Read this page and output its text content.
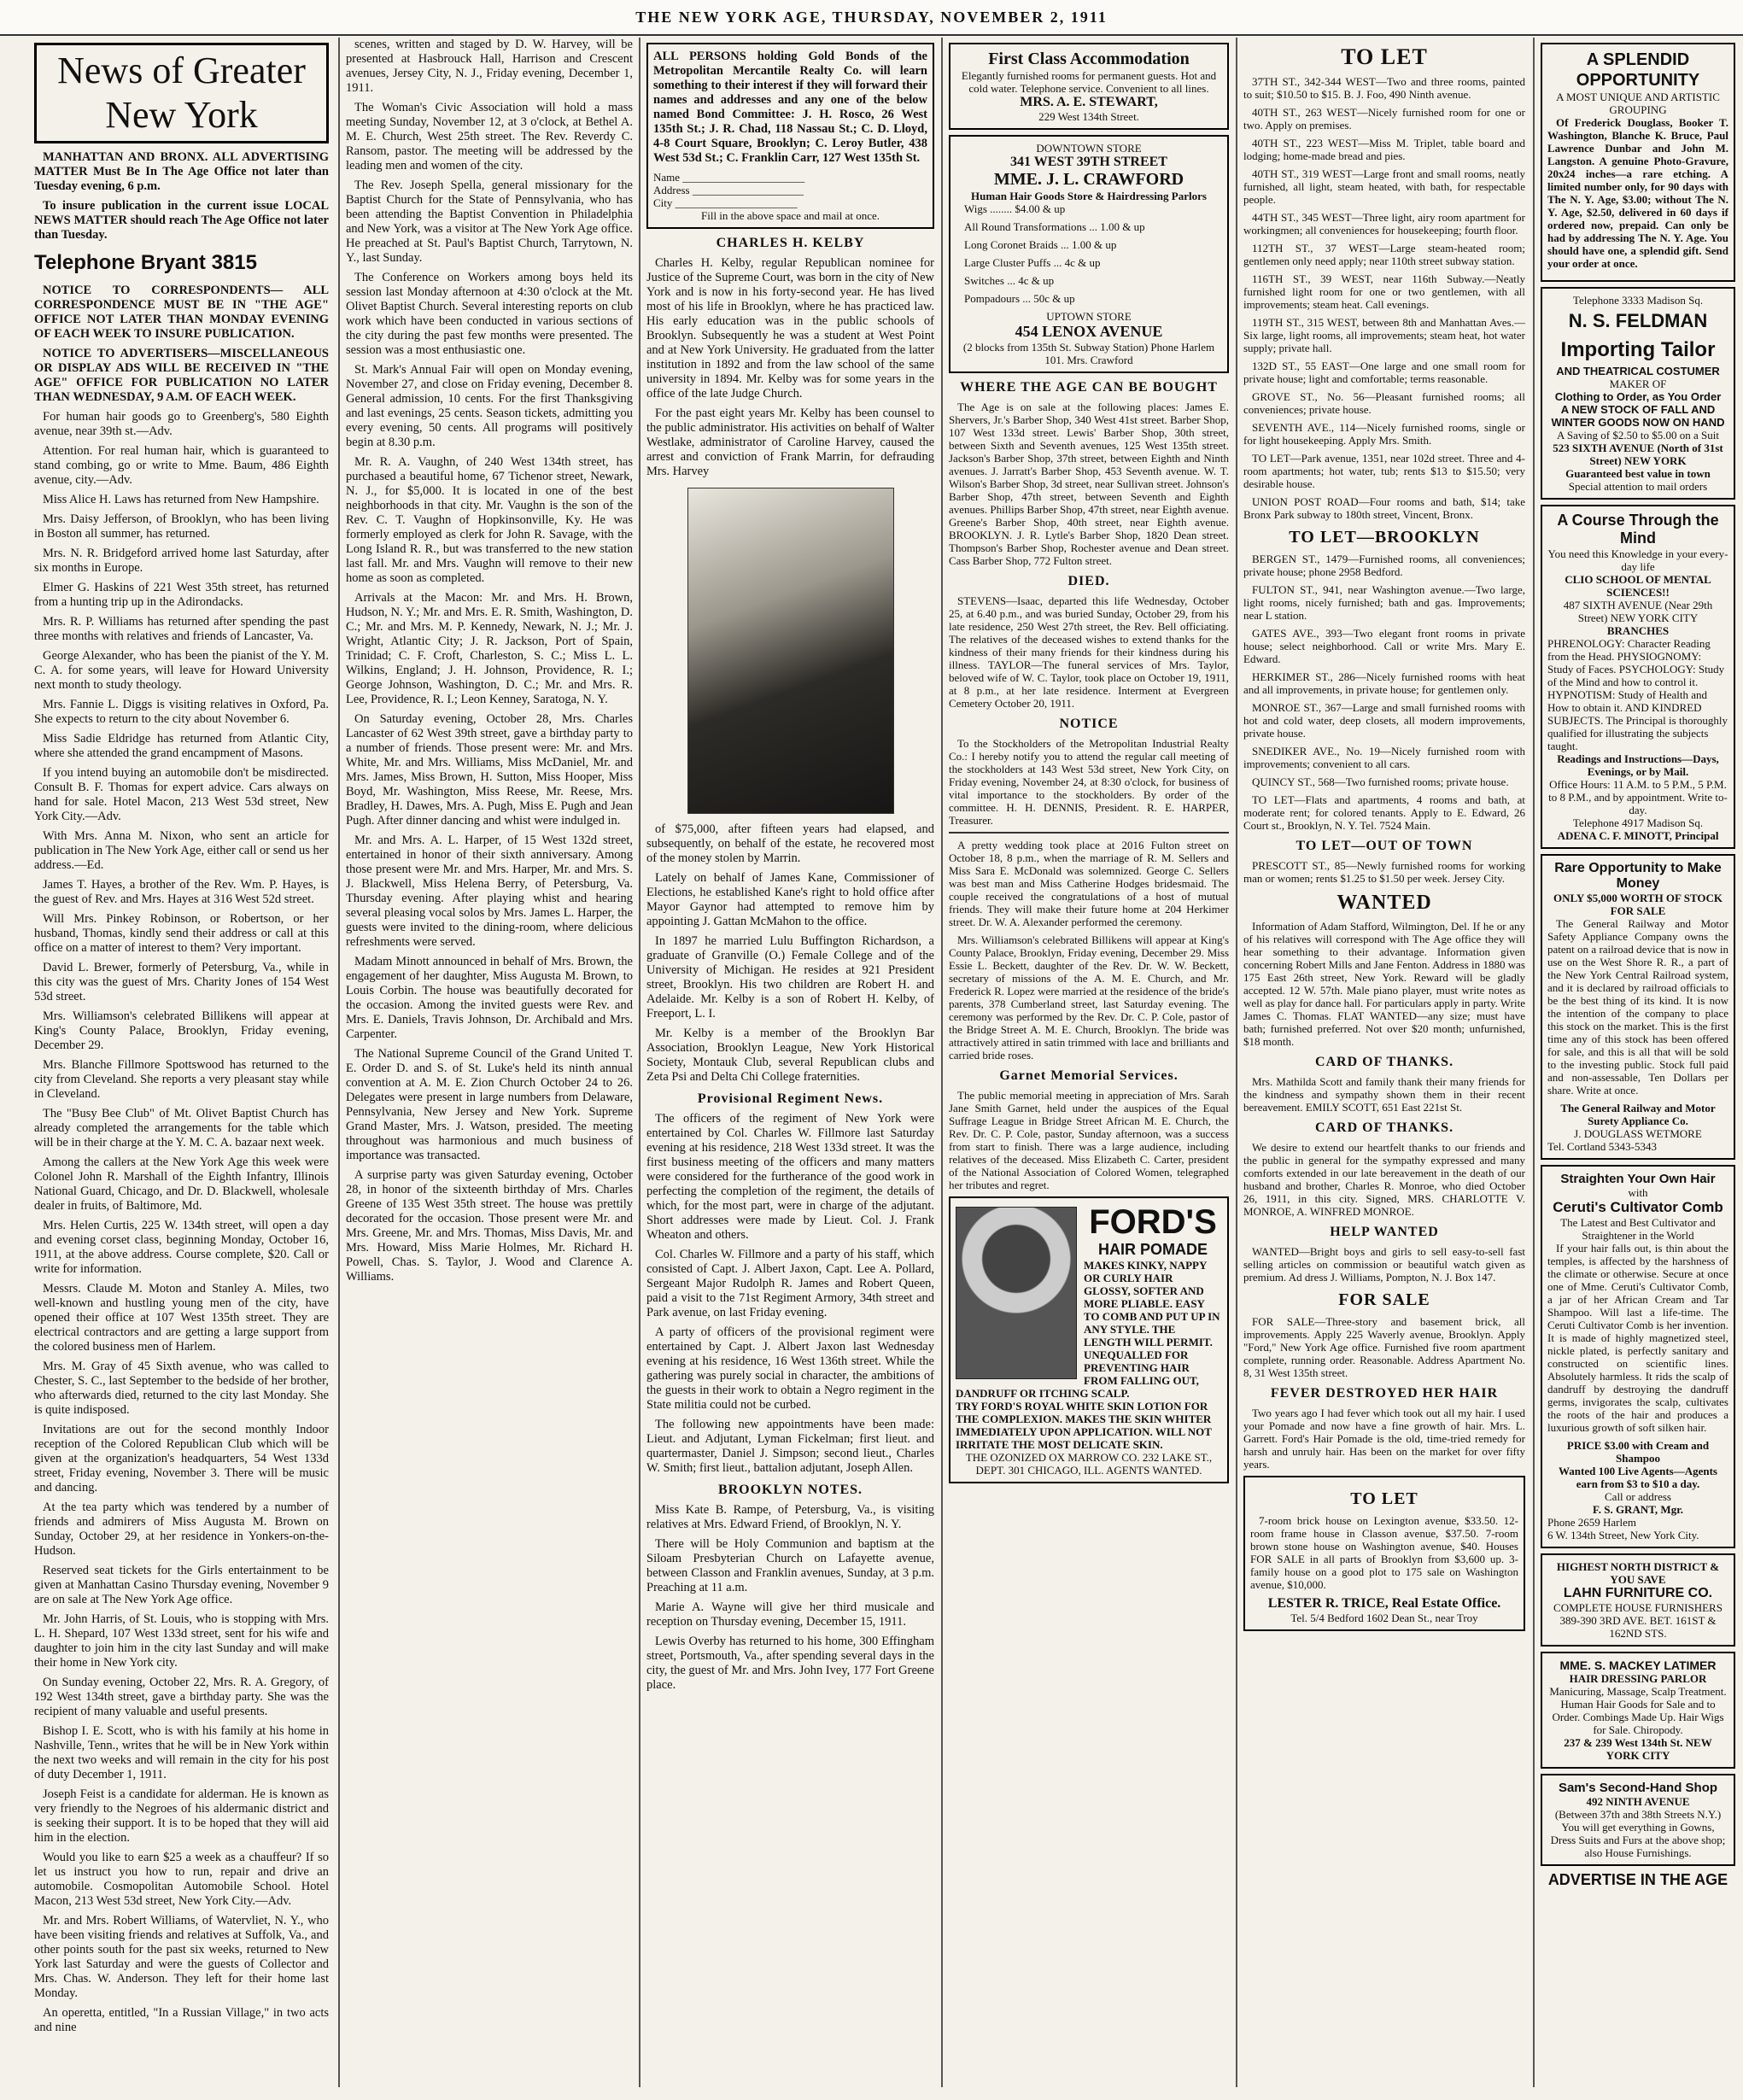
THE NEW YORK AGE, THURSDAY, NOVEMBER 2, 1911
News of Greater New York

MANHATTAN AND BRONX. ALL ADVERTISING MATTER Must Be In The Age Office not later than Tuesday evening, 6 p.m.

To insure publication in the current issue LOCAL NEWS MATTER should reach The Age Office not later than Tuesday.

Telephone Bryant 3815

NOTICE TO CORRESPONDENTS— ALL CORRESPONDENCE MUST BE IN "THE AGE" OFFICE NOT LATER THAN MONDAY EVENING OF EACH WEEK TO INSURE PUBLICATION.

NOTICE TO ADVERTISERS—MISCELLANEOUS OR DISPLAY ADS WILL BE RECEIVED IN "THE AGE" OFFICE FOR PUBLICATION NO LATER THAN WEDNESDAY, 9 A.M. OF EACH WEEK.

For human hair goods go to Greenberg's, 580 Eighth avenue, near 39th st.—Adv.

Attention. For real human hair, which is guaranteed to stand combing, go or write to Mme. Baum, 486 Eighth avenue, city.—Adv.

Miss Alice H. Laws has returned from New Hampshire.

Mrs. Daisy Jefferson, of Brooklyn, who has been living in Boston all summer, has returned.

Mrs. N. R. Bridgeford arrived home last Saturday, after six months in Europe.

Elmer G. Haskins of 221 West 35th street, has returned from a hunting trip up in the Adirondacks.

Mrs. R. P. Williams has returned after spending the past three months with relatives and friends of Lancaster, Va.

George Alexander, who has been the pianist of the Y. M. C. A. for some years, will leave for Howard University next month to study theology.

Mrs. Fannie L. Diggs is visiting relatives in Oxford, Pa. She expects to return to the city about November 6.

Miss Sadie Eldridge has returned from Atlantic City, where she attended the grand encampment of Masons.

If you intend buying an automobile don't be misdirected. Consult B. F. Thomas for expert advice. Cars always on hand for sale. Hotel Macon, 213 West 53d street, New York City.—Adv.

With Mrs. Anna M. Nixon, who sent an article for publication in The New York Age, either call or send us her address.—Ed.

James T. Hayes, a brother of the Rev. Wm. P. Hayes, is the guest of Rev. and Mrs. Hayes at 316 West 52d street.

Will Mrs. Pinkey Robinson, or Robertson, or her husband, Thomas, kindly send their address or call at this office on a matter of interest to them? Very important.

David L. Brewer, formerly of Petersburg, Va., while in this city was the guest of Mrs. Charity Jones of 154 West 53d street.

Mrs. Williamson's celebrated Billikens will appear at King's County Palace, Brooklyn, Friday evening, December 29.

Mrs. Blanche Fillmore Spottswood has returned to the city from Cleveland. She reports a very pleasant stay while in Cleveland.

The "Busy Bee Club" of Mt. Olivet Baptist Church has already completed the arrangements for the table which will be in their charge at the Y. M. C. A. bazaar next week.

Among the callers at the New York Age this week were Colonel John R. Marshall of the Eighth Infantry, Illinois National Guard, Chicago, and Dr. D. Blackwell, wholesale dealer in fruits, of Baltimore, Md.

Mrs. Helen Curtis, 225 W. 134th street, will open a day and evening corset class, beginning Monday, October 16, 1911, at the above address. Course complete, $20. Call or write for information.

Messrs. Claude M. Moton and Stanley A. Miles, two well-known and hustling young men of the city, have opened their office at 107 West 135th street. They are electrical contractors and are getting a large support from the colored business men of Harlem.

Mrs. M. Gray of 45 Sixth avenue, who was called to Chester, S. C., last September to the bedside of her brother, who afterwards died, returned to the city last Monday. She is quite indisposed.

Invitations are out for the second monthly Indoor reception of the Colored Republican Club which will be given at the organization's headquarters, 54 West 133d street, Friday evening, November 3. There will be music and dancing.

At the tea party which was tendered by a number of friends and admirers of Miss Augusta M. Brown on Sunday, October 29, at her residence in Yonkers-on-the-Hudson.

Reserved seat tickets for the Girls entertainment to be given at Manhattan Casino Thursday evening, November 9 are on sale at The New York Age office.

Mr. John Harris, of St. Louis, who is stopping with Mrs. L. H. Shepard, 107 West 133d street, sent for his wife and daughter to join him in the city last Sunday and will make their home in New York city.

On Sunday evening, October 22, Mrs. R. A. Gregory, of 192 West 134th street, gave a birthday party. She was the recipient of many valuable and useful presents.

Bishop I. E. Scott, who is with his family at his home in Nashville, Tenn., writes that he will be in New York within the next two weeks and will remain in the city for his post of duty December 1, 1911.

Joseph Feist is a candidate for alderman. He is known as very friendly to the Negroes of his aldermanic district and is seeking their support. It is to be hoped that they will aid him in the election.

Would you like to earn $25 a week as a chauffeur? If so let us instruct you how to run, repair and drive an automobile. Cosmopolitan Automobile School. Hotel Macon, 213 West 53d street, New York City.—Adv.

Mr. and Mrs. Robert Williams, of Watervliet, N. Y., who have been visiting friends and relatives at Suffolk, Va., and other points south for the past six weeks, returned to New York last Saturday and were the guests of Collector and Mrs. Chas. W. Anderson. They left for their home last Monday.

An operetta, entitled, "In a Russian Village," in two acts and nine

scenes, written and staged by D. W. Harvey, will be presented at Hasbrouck Hall, Harrison and Crescent avenues, Jersey City, N. J., Friday evening, December 1, 1911.

The Woman's Civic Association will hold a mass meeting Sunday, November 12, at 3 o'clock, at Bethel A. M. E. Church, West 25th street. The Rev. Reverdy C. Ransom, pastor. The meeting will be addressed by the leading men and women of the city.

The Rev. Joseph Spella, general missionary for the Baptist Church for the State of Pennsylvania, who has been attending the Baptist Convention in Philadelphia and New York, was a visitor at The New York Age office. He preached at St. Paul's Baptist Church, Tarrytown, N. Y., last Sunday.

The Conference on Workers among boys held its session last Monday afternoon at 4:30 o'clock at the Mt. Olivet Baptist Church. Several interesting reports on club work which have been conducted in various sections of the city during the past few months were presented. The session was a most enthusiastic one.

St. Mark's Annual Fair will open on Monday evening, November 27, and close on Friday evening, December 8. General admission, 10 cents. For the first Thanksgiving and last evenings, 25 cents. Season tickets, admitting you every evening, 50 cents. All programs will positively begin at 8.30 p.m.

Mr. R. A. Vaughn, of 240 West 134th street, has purchased a beautiful home, 67 Tichenor street, Newark, N. J., for $5,000. It is located in one of the best neighborhoods in that city. Mr. Vaughn is the son of the Rev. C. T. Vaughn of Hopkinsonville, Ky. He was formerly employed as clerk for John R. Savage, with the Long Island R. R., but was transferred to the new station last fall. Mr. and Mrs. Vaughn will remove to their new home as soon as completed.

Arrivals at the Macon: Mr. and Mrs. H. Brown, Hudson, N. Y.; Mr. and Mrs. E. R. Smith, Washington, D. C.; Mr. and Mrs. M. P. Kennedy, Newark, N. J.; Mr. J. Wright, Atlantic City; J. R. Jackson, Port of Spain, Trinidad; C. F. Croft, Charleston, S. C.; Miss L. L. Wilkins, England; J. H. Johnson, Providence, R. I.; George Johnson, Washington, D. C.; Mr. and Mrs. R. Lee, Providence, R. I.; Leon Kenney, Saratoga, N. Y.

On Saturday evening, October 28, Mrs. Charles Lancaster of 62 West 39th street, gave a birthday party to a number of friends. Those present were: Mr. and Mrs. White, Mr. and Mrs. Williams, Miss McDaniel, Mr. and Mrs. James, Miss Brown, H. Sutton, Miss Hooper, Miss Boyd, Mr. Washington, Miss Reese, Mr. Reese, Mrs. Bradley, H. Dawes, Mrs. A. Pugh, Miss E. Pugh and Jean Pugh. After dinner dancing and whist were indulged in.

Mr. and Mrs. A. L. Harper, of 15 West 132d street, entertained in honor of their sixth anniversary. Among those present were Mr. and Mrs. Harper, Mr. and Mrs. S. J. Blackwell, Miss Helena Berry, of Petersburg, Va. Thursday evening. After playing whist and hearing several pleasing vocal solos by Mrs. James L. Harper, the guests were invited to the dining-room, where delicious refreshments were served.

Madam Minott announced in behalf of Mrs. Brown, the engagement of her daughter, Miss Augusta M. Brown, to Louis Corbin. The house was beautifully decorated for the occasion. Among the invited guests were Rev. and Mrs. E. Daniels, Travis Johnson, Dr. Archibald and Mrs. Carpenter.

The National Supreme Council of the Grand United T. E. Order D. and S. of St. Luke's held its ninth annual convention at A. M. E. Zion Church October 24 to 26. Delegates were present in large numbers from Delaware, Pennsylvania, New Jersey and New York. Supreme Grand Master, Mrs. J. Watson, presided. The meeting throughout was harmonious and much business of importance was transacted.

A surprise party was given Saturday evening, October 28, in honor of the sixteenth birthday of Mrs. Charles Greene of 135 West 35th street. The house was prettily decorated for the occasion. Those present were Mr. and Mrs. Greene, Mr. and Mrs. Thomas, Miss Davis, Mr. and Mrs. Howard, Miss Marie Holmes, Mr. Richard H. Powell, Chas. S. Taylor, J. Wood and Clarence A. Williams.

ALL PERSONS holding Gold Bonds of the Metropolitan Mercantile Realty Co. will learn something to their interest if they will forward their names and addresses and any one of the below named Bond Committee: J. H. Rosco, 26 West 135th St.; J. R. Chad, 118 Nassau St.; C. D. Lloyd, 4-8 Court Square, Brooklyn; C. Leroy Butler, 438 West 53d St.; C. Franklin Carr, 127 West 135th St.

Name ______________________
Address ____________________
City ______________________
Fill in the above space and mail at once.
CHARLES H. KELBY

Charles H. Kelby, regular Republican nominee for Justice of the Supreme Court, was born in the city of New York and is now in his forty-second year. He has lived most of his life in Brooklyn, where he has practiced law. His early education was in the public schools of Brooklyn. Subsequently he was a student at West Point and at New York University. He graduated from the latter institution in 1892 and from the law school of the same university in 1894. Mr. Kelby was for some years in the office of the late Judge Church.

For the past eight years Mr. Kelby has been counsel to the public administrator. His activities on behalf of Walter Westlake, administrator of Caroline Harvey, caused the arrest and conviction of Frank Marrin, for defrauding Mrs. Harvey

of $75,000, after fifteen years had elapsed, and subsequently, on behalf of the estate, he recovered most of the money stolen by Marrin.

Lately on behalf of James Kane, Commissioner of Elections, he established Kane's right to hold office after Mayor Gaynor had attempted to remove him by appointing J. Gattan McMahon to the office.

In 1897 he married Lulu Buffington Richardson, a graduate of Granville (O.) Female College and of the University of Michigan. He resides at 921 President street, Brooklyn. His two children are Robert H. and Adelaide. Mr. Kelby is a son of Robert H. Kelby, of Freeport, L. I.

Mr. Kelby is a member of the Brooklyn Bar Association, Brooklyn League, New York Historical Society, Montauk Club, several Republican clubs and Zeta Psi and Delta Chi College fraternities.

Provisional Regiment News.

The officers of the regiment of New York were entertained by Col. Charles W. Fillmore last Saturday evening at his residence, 218 West 133d street. It was the first business meeting of the officers and many matters were considered for the furtherance of the good work in perfecting the completion of the regiment, the details of which, for the most part, were in charge of the adjutant. Short addresses were made by Lieut. Col. J. Frank Wheaton and others.

Col. Charles W. Fillmore and a party of his staff, which consisted of Capt. J. Albert Jaxon, Capt. Lee A. Pollard, Sergeant Major Rudolph R. James and Robert Queen, paid a visit to the 71st Regiment Armory, 34th street and Park avenue, on last Friday evening.

A party of officers of the provisional regiment were entertained by Capt. J. Albert Jaxon last Wednesday evening at his residence, 16 West 136th street. While the gathering was purely social in character, the ambitions of the guests in their work to obtain a Negro regiment in the State militia could not be curbed.

The following new appointments have been made: Lieut. and Adjutant, Lyman Fickelman; first lieut. and quartermaster, Daniel J. Simpson; second lieut., Charles W. Smith; first lieut., battalion adjutant, Joseph Allen.

BROOKLYN NOTES.

Miss Kate B. Rampe, of Petersburg, Va., is visiting relatives at Mrs. Edward Friend, of Brooklyn, N. Y.

There will be Holy Communion and baptism at the Siloam Presbyterian Church on Lafayette avenue, between Classon and Franklin avenues, Sunday, at 3 p.m. Preaching at 11 a.m.

Marie A. Wayne will give her third musicale and reception on Thursday evening, December 15, 1911.

Lewis Overby has returned to his home, 300 Effingham street, Portsmouth, Va., after spending several days in the city, the guest of Mr. and Mrs. John Ivey, 177 Fort Greene place.

First Class Accommodation
Elegantly furnished rooms for permanent guests. Hot and cold water. Telephone service. Convenient to all lines.
MRS. A. E. STEWART,
229 West 134th Street.
DOWNTOWN STORE
341 WEST 39TH STREET
MME. J. L. CRAWFORD
Human Hair Goods Store & Hairdressing Parlors

Wigs ........ $4.00 & up

All Round Transformations ... 1.00 & up

Long Coronet Braids ... 1.00 & up

Large Cluster Puffs ... 4c & up

Switches ... 4c & up

Pompadours ... 50c & up

UPTOWN STORE
454 LENOX AVENUE
(2 blocks from 135th St. Subway Station) Phone Harlem 101. Mrs. Crawford
WHERE THE AGE CAN BE BOUGHT

The Age is on sale at the following places: James E. Shervers, Jr.'s Barber Shop, 340 West 41st street. Barber Shop, 107 West 133d street. Lewis' Barber Shop, 30th street, between Sixth and Seventh avenues, 125 West 135th street. Jackson's Barber Shop, 37th street, between Eighth and Ninth avenues. J. Jarratt's Barber Shop, 453 Seventh avenue. W. T. Wilson's Barber Shop, 3d street, near Sullivan street. Johnson's Barber Shop, 47th street, between Seventh and Eighth avenues. Phillips Barber Shop, 47th street, near Eighth avenue. Greene's Barber Shop, 40th street, near Eighth avenue. BROOKLYN. J. R. Lytle's Barber Shop, 1820 Dean street. Thompson's Barber Shop, Rochester avenue and Dean street. Cass Barber Shop, 772 Fulton street.

DIED.

STEVENS—Isaac, departed this life Wednesday, October 25, at 6.40 p.m., and was buried Sunday, October 29, from his late residence, 250 West 27th street, the Rev. Bell officiating. The relatives of the deceased wishes to extend thanks for the kindness of their many friends for their kindness during his illness. TAYLOR—The funeral services of Mrs. Taylor, beloved wife of W. C. Taylor, took place on October 19, 1911, at 8 p.m., at her late residence. Interment at Evergreen Cemetery October 20, 1911.

NOTICE

To the Stockholders of the Metropolitan Industrial Realty Co.: I hereby notify you to attend the regular call meeting of the stockholders at 143 West 53d street, New York City, on Friday evening, November 24, at 8:30 o'clock, for business of vital importance to the stockholders. By order of the committee. H. H. DENNIS, President. R. E. HARPER, Treasurer.

A pretty wedding took place at 2016 Fulton street on October 18, 8 p.m., when the marriage of R. M. Sellers and Miss Sara E. McDonald was solemnized. George C. Sellers was best man and Miss Catherine Hodges bridesmaid. The couple received the congratulations of a host of mutual friends. They will make their future home at 204 Herkimer street. Dr. W. A. Alexander performed the ceremony.

Mrs. Williamson's celebrated Billikens will appear at King's County Palace, Brooklyn, Friday evening, December 29. Miss Essie L. Beckett, daughter of the Rev. Dr. W. W. Beckett, secretary of missions of the A. M. E. Church, and Mr. Frederick R. Lopez were married at the residence of the bride's parents, 378 Cumberland street, last Saturday evening. The ceremony was performed by the Rev. Dr. C. P. Cole, pastor of the Bridge Street A. M. E. Church, Brooklyn. The bride was attractively attired in satin trimmed with lace and brilliants and carried bride roses.

Garnet Memorial Services.

The public memorial meeting in appreciation of Mrs. Sarah Jane Smith Garnet, held under the auspices of the Equal Suffrage League in Bridge Street African M. E. Church, the Rev. Dr. C. P. Cole, pastor, Sunday afternoon, was a success from start to finish. There was a large audience, including relatives of the deceased. Miss Elizabeth C. Carter, president of the National Association of Colored Women, telegraphed her tributes and regret.

FORD'S
HAIR POMADE
MAKES KINKY, NAPPY OR CURLY HAIR GLOSSY, SOFTER AND MORE PLIABLE. EASY TO COMB AND PUT UP IN ANY STYLE. THE LENGTH WILL PERMIT. UNEQUALLED FOR PREVENTING HAIR FROM FALLING OUT, DANDRUFF OR ITCHING SCALP.
TRY FORD'S ROYAL WHITE SKIN LOTION FOR THE COMPLEXION. MAKES THE SKIN WHITER IMMEDIATELY UPON APPLICATION. WILL NOT IRRITATE THE MOST DELICATE SKIN.
THE OZONIZED OX MARROW CO. 232 LAKE ST., DEPT. 301 CHICAGO, ILL. AGENTS WANTED.
TO LET

37TH ST., 342-344 WEST—Two and three rooms, painted to suit; $10.50 to $15. B. J. Foo, 490 Ninth avenue.

40TH ST., 263 WEST—Nicely furnished room for one or two. Apply on premises.

40TH ST., 223 WEST—Miss M. Triplet, table board and lodging; home-made bread and pies.

40TH ST., 319 WEST—Large front and small rooms, neatly furnished, all light, steam heated, with bath, for respectable people.

44TH ST., 345 WEST—Three light, airy room apartment for workingmen; all conveniences for housekeeping; fourth floor.

112TH ST., 37 WEST—Large steam-heated room; gentlemen only need apply; near 110th street subway station.

116TH ST., 39 WEST, near 116th Subway.—Neatly furnished light room for one or two gentlemen, with all improvements; steam heat. Call evenings.

119TH ST., 315 WEST, between 8th and Manhattan Aves.—Six large, light rooms, all improvements; steam heat, hot water supply; private hall.

132D ST., 55 EAST—One large and one small room for private house; light and comfortable; terms reasonable.

GROVE ST., No. 56—Pleasant furnished rooms; all conveniences; private house.

SEVENTH AVE., 114—Nicely furnished rooms, single or for light housekeeping. Apply Mrs. Smith.

TO LET—Park avenue, 1351, near 102d street. Three and 4-room apartments; hot water, tub; rents $13 to $15.50; very desirable house.

UNION POST ROAD—Four rooms and bath, $14; take Bronx Park subway to 180th street, Vincent, Bronx.

TO LET—BROOKLYN

BERGEN ST., 1479—Furnished rooms, all conveniences; private house; phone 2958 Bedford.

FULTON ST., 941, near Washington avenue.—Two large, light rooms, nicely furnished; bath and gas. Improvements; near L station.

GATES AVE., 393—Two elegant front rooms in private house; select neighborhood. Call or write Mrs. Mary E. Edward.

HERKIMER ST., 286—Nicely furnished rooms with heat and all improvements, in private house; for gentlemen only.

MONROE ST., 367—Large and small furnished rooms with hot and cold water, deep closets, all modern improvements, private house.

SNEDIKER AVE., No. 19—Nicely furnished room with improvements; convenient to all cars.

QUINCY ST., 568—Two furnished rooms; private house.

TO LET—Flats and apartments, 4 rooms and bath, at moderate rent; for colored tenants. Apply to E. Edward, 26 Court st., Brooklyn, N. Y. Tel. 7524 Main.

TO LET—OUT OF TOWN

PRESCOTT ST., 85—Newly furnished rooms for working man or women; rents $1.25 to $1.50 per week. Jersey City.

WANTED

Information of Adam Stafford, Wilmington, Del. If he or any of his relatives will correspond with The Age office they will hear something to their advantage. Information given concerning Robert Mills and Jane Fenton. Address in 1880 was 175 East 26th street, New York. Reward will be gladly accepted. 12 W. 57th. Male piano player, must write notes as well as play for dance hall. For particulars apply in party. Write James C. Thomas. FLAT WANTED—any size; must have bath; furnished preferred. Not over $20 month; unfurnished, $18 month.

CARD OF THANKS.

Mrs. Mathilda Scott and family thank their many friends for the kindness and sympathy shown them in their recent bereavement. EMILY SCOTT, 651 East 221st St.

CARD OF THANKS.

We desire to extend our heartfelt thanks to our friends and the public in general for the sympathy expressed and many comforts extended in our late bereavement in the death of our husband and brother, Charles R. Monroe, who died October 26, 1911, in this city. Signed, MRS. CHARLOTTE V. MONROE, A. WINFRED MONROE.

HELP WANTED

WANTED—Bright boys and girls to sell easy-to-sell fast selling articles on commission or beautiful watch given as premium. Ad dress J. Williams, Pompton, N. J. Box 147.

FOR SALE

FOR SALE—Three-story and basement brick, all improvements. Apply 225 Waverly avenue, Brooklyn. Apply "Ford," New York Age office. Furnished five room apartment complete, running order. Reasonable. Address Apartment No. 8, 31 West 135th street.

FEVER DESTROYED HER HAIR

Two years ago I had fever which took out all my hair. I used your Pomade and now have a fine growth of hair. Mrs. L. Garrett. Ford's Hair Pomade is the old, time-tried remedy for harsh and unruly hair. Has been on the market for over fifty years.

TO LET

7-room brick house on Lexington avenue, $33.50. 12-room frame house in Classon avenue, $37.50. 7-room brown stone house on Washington avenue, $40. Houses FOR SALE in all parts of Brooklyn from $3,600 up. 3-family house on a good plot to 175 sale on Washington avenue, $10,000.

LESTER R. TRICE, Real Estate Office.
Tel. 5/4 Bedford 1602 Dean St., near Troy
A SPLENDID OPPORTUNITY
A MOST UNIQUE AND ARTISTIC GROUPING

Of Frederick Douglass, Booker T. Washington, Blanche K. Bruce, Paul Lawrence Dunbar and John M. Langston. A genuine Photo-Gravure, 20x24 inches—a rare etching. A limited number only, for 90 days with The N. Y. Age, $3.00; without The N. Y. Age, $2.50, delivered in 60 days if ordered now, prepaid. Can only be had by addressing The N. Y. Age. You should have one, a splendid gift. Send your order at once.

Telephone 3333 Madison Sq.
N. S. FELDMAN
Importing Tailor
AND THEATRICAL COSTUMER
MAKER OF
Clothing to Order, as You Order
A NEW STOCK OF FALL AND WINTER GOODS NOW ON HAND
A Saving of $2.50 to $5.00 on a Suit
523 SIXTH AVENUE (North of 31st Street) NEW YORK
Guaranteed best value in town
Special attention to mail orders
A Course Through the Mind
You need this Knowledge in your every-day life
CLIO SCHOOL OF MENTAL SCIENCES!!
487 SIXTH AVENUE (Near 29th Street) NEW YORK CITY
BRANCHES
PHRENOLOGY: Character Reading from the Head. PHYSIOGNOMY: Study of Faces. PSYCHOLOGY: Study of the Mind and how to control it. HYPNOTISM: Study of Health and How to obtain it. AND KINDRED SUBJECTS. The Principal is thoroughly qualified for illustrating the subjects taught.
Readings and Instructions—Days, Evenings, or by Mail.
Office Hours: 11 A.M. to 5 P.M., 5 P.M. to 8 P.M., and by appointment. Write to-day.
Telephone 4917 Madison Sq.
ADENA C. F. MINOTT, Principal
Rare Opportunity to Make Money
ONLY $5,000 WORTH OF STOCK FOR SALE

The General Railway and Motor Safety Appliance Company owns the patent on a railroad device that is now in use on the West Shore R. R., a part of the New York Central Railroad system, and it is declared by railroad officials to be the best thing of its kind. It is now the intention of the company to place this stock on the market. This is the first time any of this stock has been offered for sale, and this is all that will be sold to the investing public. Stock full paid and non-assessable, Ten Dollars per share. Write at once.

The General Railway and Motor Surety Appliance Co.
J. DOUGLASS WETMORE
Tel. Cortland 5343-5343
Straighten Your Own Hair
with
Ceruti's Cultivator Comb
The Latest and Best Cultivator and Straightener in the World

If your hair falls out, is thin about the temples, is affected by the harshness of the climate or otherwise. Secure at once one of Mme. Ceruti's Cultivator Comb, a jar of her African Cream and Tar Shampoo. Will last a life-time. The Ceruti Cultivator Comb is her invention. It is made of highly magnetized steel, nickle plated, is perfectly sanitary and constructed on scientific lines. Absolutely harmless. It rids the scalp of dandruff by destroying the dandruff germs, invigorates the scalp, cultivates the roots of the hair and produces a luxurious growth of soft silken hair.

PRICE $3.00 with Cream and Shampoo
Wanted 100 Live Agents—Agents earn from $3 to $10 a day.
Call or address
F. S. GRANT, Mgr.
Phone 2659 Harlem
6 W. 134th Street, New York City.
HIGHEST NORTH DISTRICT & YOU SAVE
LAHN FURNITURE CO.
COMPLETE HOUSE FURNISHERS
389-390 3RD AVE. BET. 161ST & 162ND STS.
MME. S. MACKEY LATIMER
HAIR DRESSING PARLOR
Manicuring, Massage, Scalp Treatment. Human Hair Goods for Sale and to Order. Combings Made Up. Hair Wigs for Sale. Chiropody.
237 & 239 West 134th St. NEW YORK CITY
Sam's Second-Hand Shop
492 NINTH AVENUE
(Between 37th and 38th Streets N.Y.)
You will get everything in Gowns, Dress Suits and Furs at the above shop; also House Furnishings.
ADVERTISE IN THE AGE
